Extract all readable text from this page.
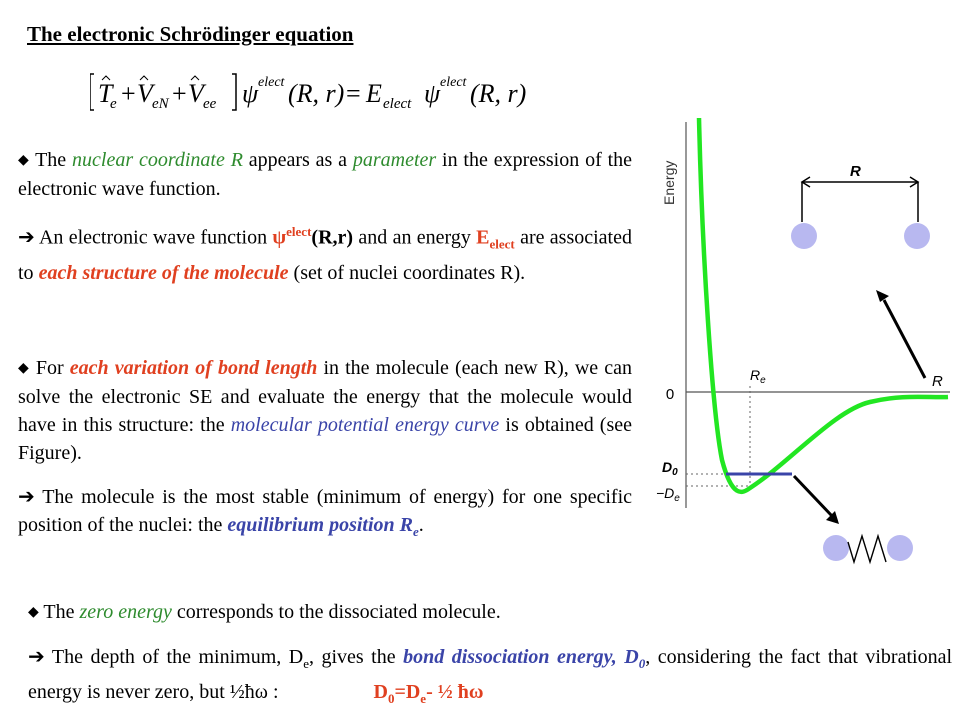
The electronic Schrödinger equation
T
e + V eN + V ee ψ elect (R, r) = E elect ψ elect (R, r)
◆ The nuclear coordinate R appears as a parameter in the expression of the electronic wave function.
➔ An electronic wave function $\psi^{elect}(R,r)$ and an energy $E_{elect}$ are associated to each structure of the molecule (set of nuclei coordinates R).
◆ For each variation of bond length in the molecule (each new R), we can solve the electronic SE and evaluate the energy that the molecule would have in this structure: the molecular potential energy curve is obtained (see Figure).
➔ The molecule is the most stable (minimum of energy) for one specific position of the nuclei: the equilibrium position $R_e$.
◆ The zero energy corresponds to the dissociated molecule.
➔ The depth of the minimum, $D_e$, gives the bond dissociation energy, $D_0$, considering the fact that vibrational energy is never zero, but ½ħω :	$D_0=D_e-$ ½ ħω
Energy
0
$D_0$
$-D_e$
$R_e$	R
R
